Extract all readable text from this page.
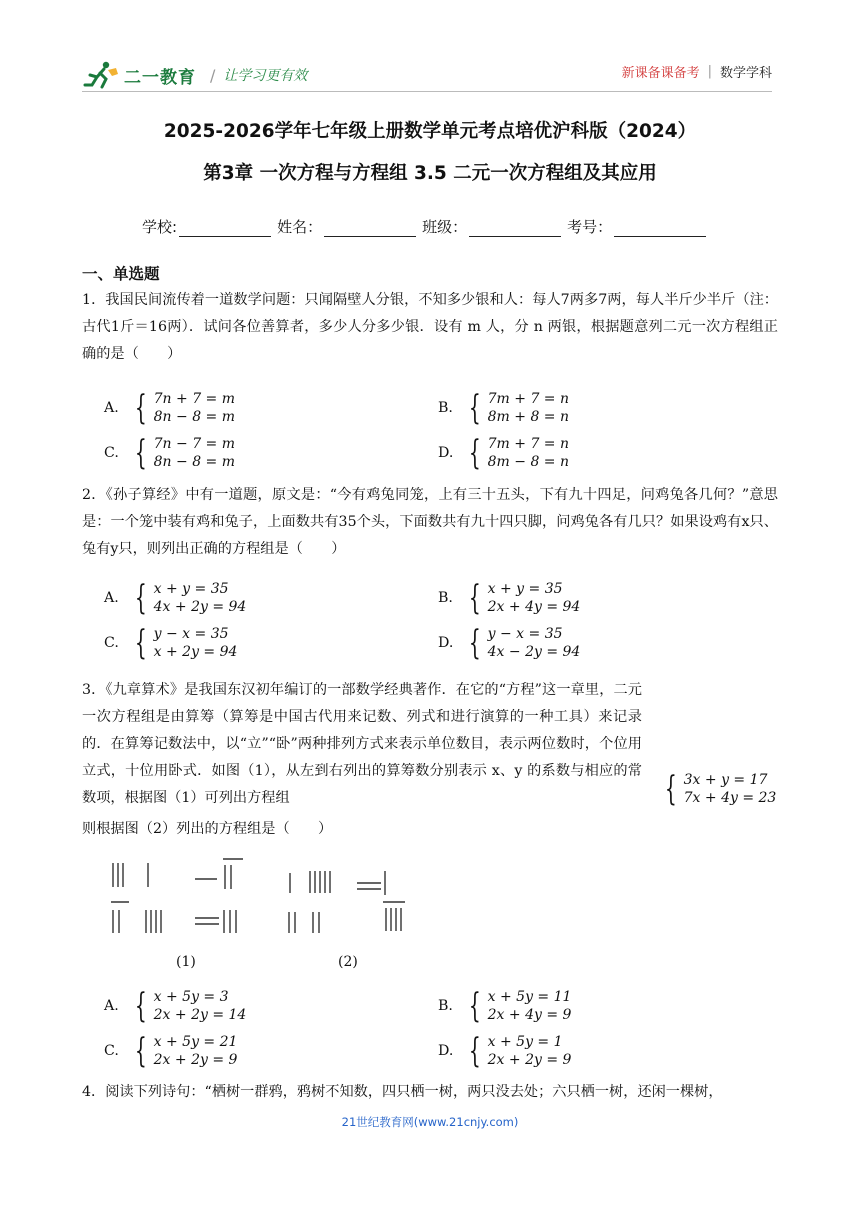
二一教育 / 让学习更有效	新课备课备考 | 数学学科
2025-2026学年七年级上册数学单元考点培优沪科版（2024）
第3章 一次方程与方程组 3.5 二元一次方程组及其应用
学校:	姓名：	班级：	考号：
一、单选题
1．我国民间流传着一道数学问题：只闻隔壁人分银，不知多少银和人：每人7两多7两，每人半斤少半斤（注：古代1斤＝16两）．试问各位善算者，多少人分多少银．设有 m 人，分 n 两银，根据题意列二元一次方程组正确的是（　　）
A. { 7n + 7 = m
8n − 8 = m
B. { 7m + 7 = n
8m + 8 = n
C. { 7n − 7 = m
8n − 8 = m
D. { 7m + 7 = n
8m − 8 = n
2．《孙子算经》中有一道题，原文是：“今有鸡兔同笼，上有三十五头，下有九十四足，问鸡兔各几何？”意思是：一个笼中装有鸡和兔子，上面数共有35个头，下面数共有九十四只脚，问鸡兔各有几只？如果设鸡有x只、兔有y只，则列出正确的方程组是（　　）
A. { x + y = 35
4x + 2y = 94
B. { x + y = 35
2x + 4y = 94
C. { y − x = 35
x + 2y = 94
D. { y − x = 35
4x − 2y = 94
3．《九章算术》是我国东汉初年编订的一部数学经典著作．在它的“方程”这一章里，二元一次方程组是由算筹（算筹是中国古代用来记数、列式和进行演算的一种工具）来记录的．在算筹记数法中，以“立”“卧”两种排列方式来表示单位数目，表示两位数时，个位用立式，十位用卧式．如图（1），从左到右列出的算筹数分别表示 x、y 的系数与相应的常数项，根据图（1）可列出方程组	{ 3x + y = 17
7x + 4y = 23
则根据图（2）列出的方程组是（　　）
(1)	(2)
A. { x + 5y = 3
2x + 2y = 14
B. { x + 5y = 11
2x + 4y = 9
C. { x + 5y = 21
2x + 2y = 9
D. { x + 5y = 1
2x + 2y = 9
4．阅读下列诗句：“栖树一群鸦，鸦树不知数，四只栖一树，两只没去处；六只栖一树，还闲一棵树，
21世纪教育网(www.21cnjy.com)
